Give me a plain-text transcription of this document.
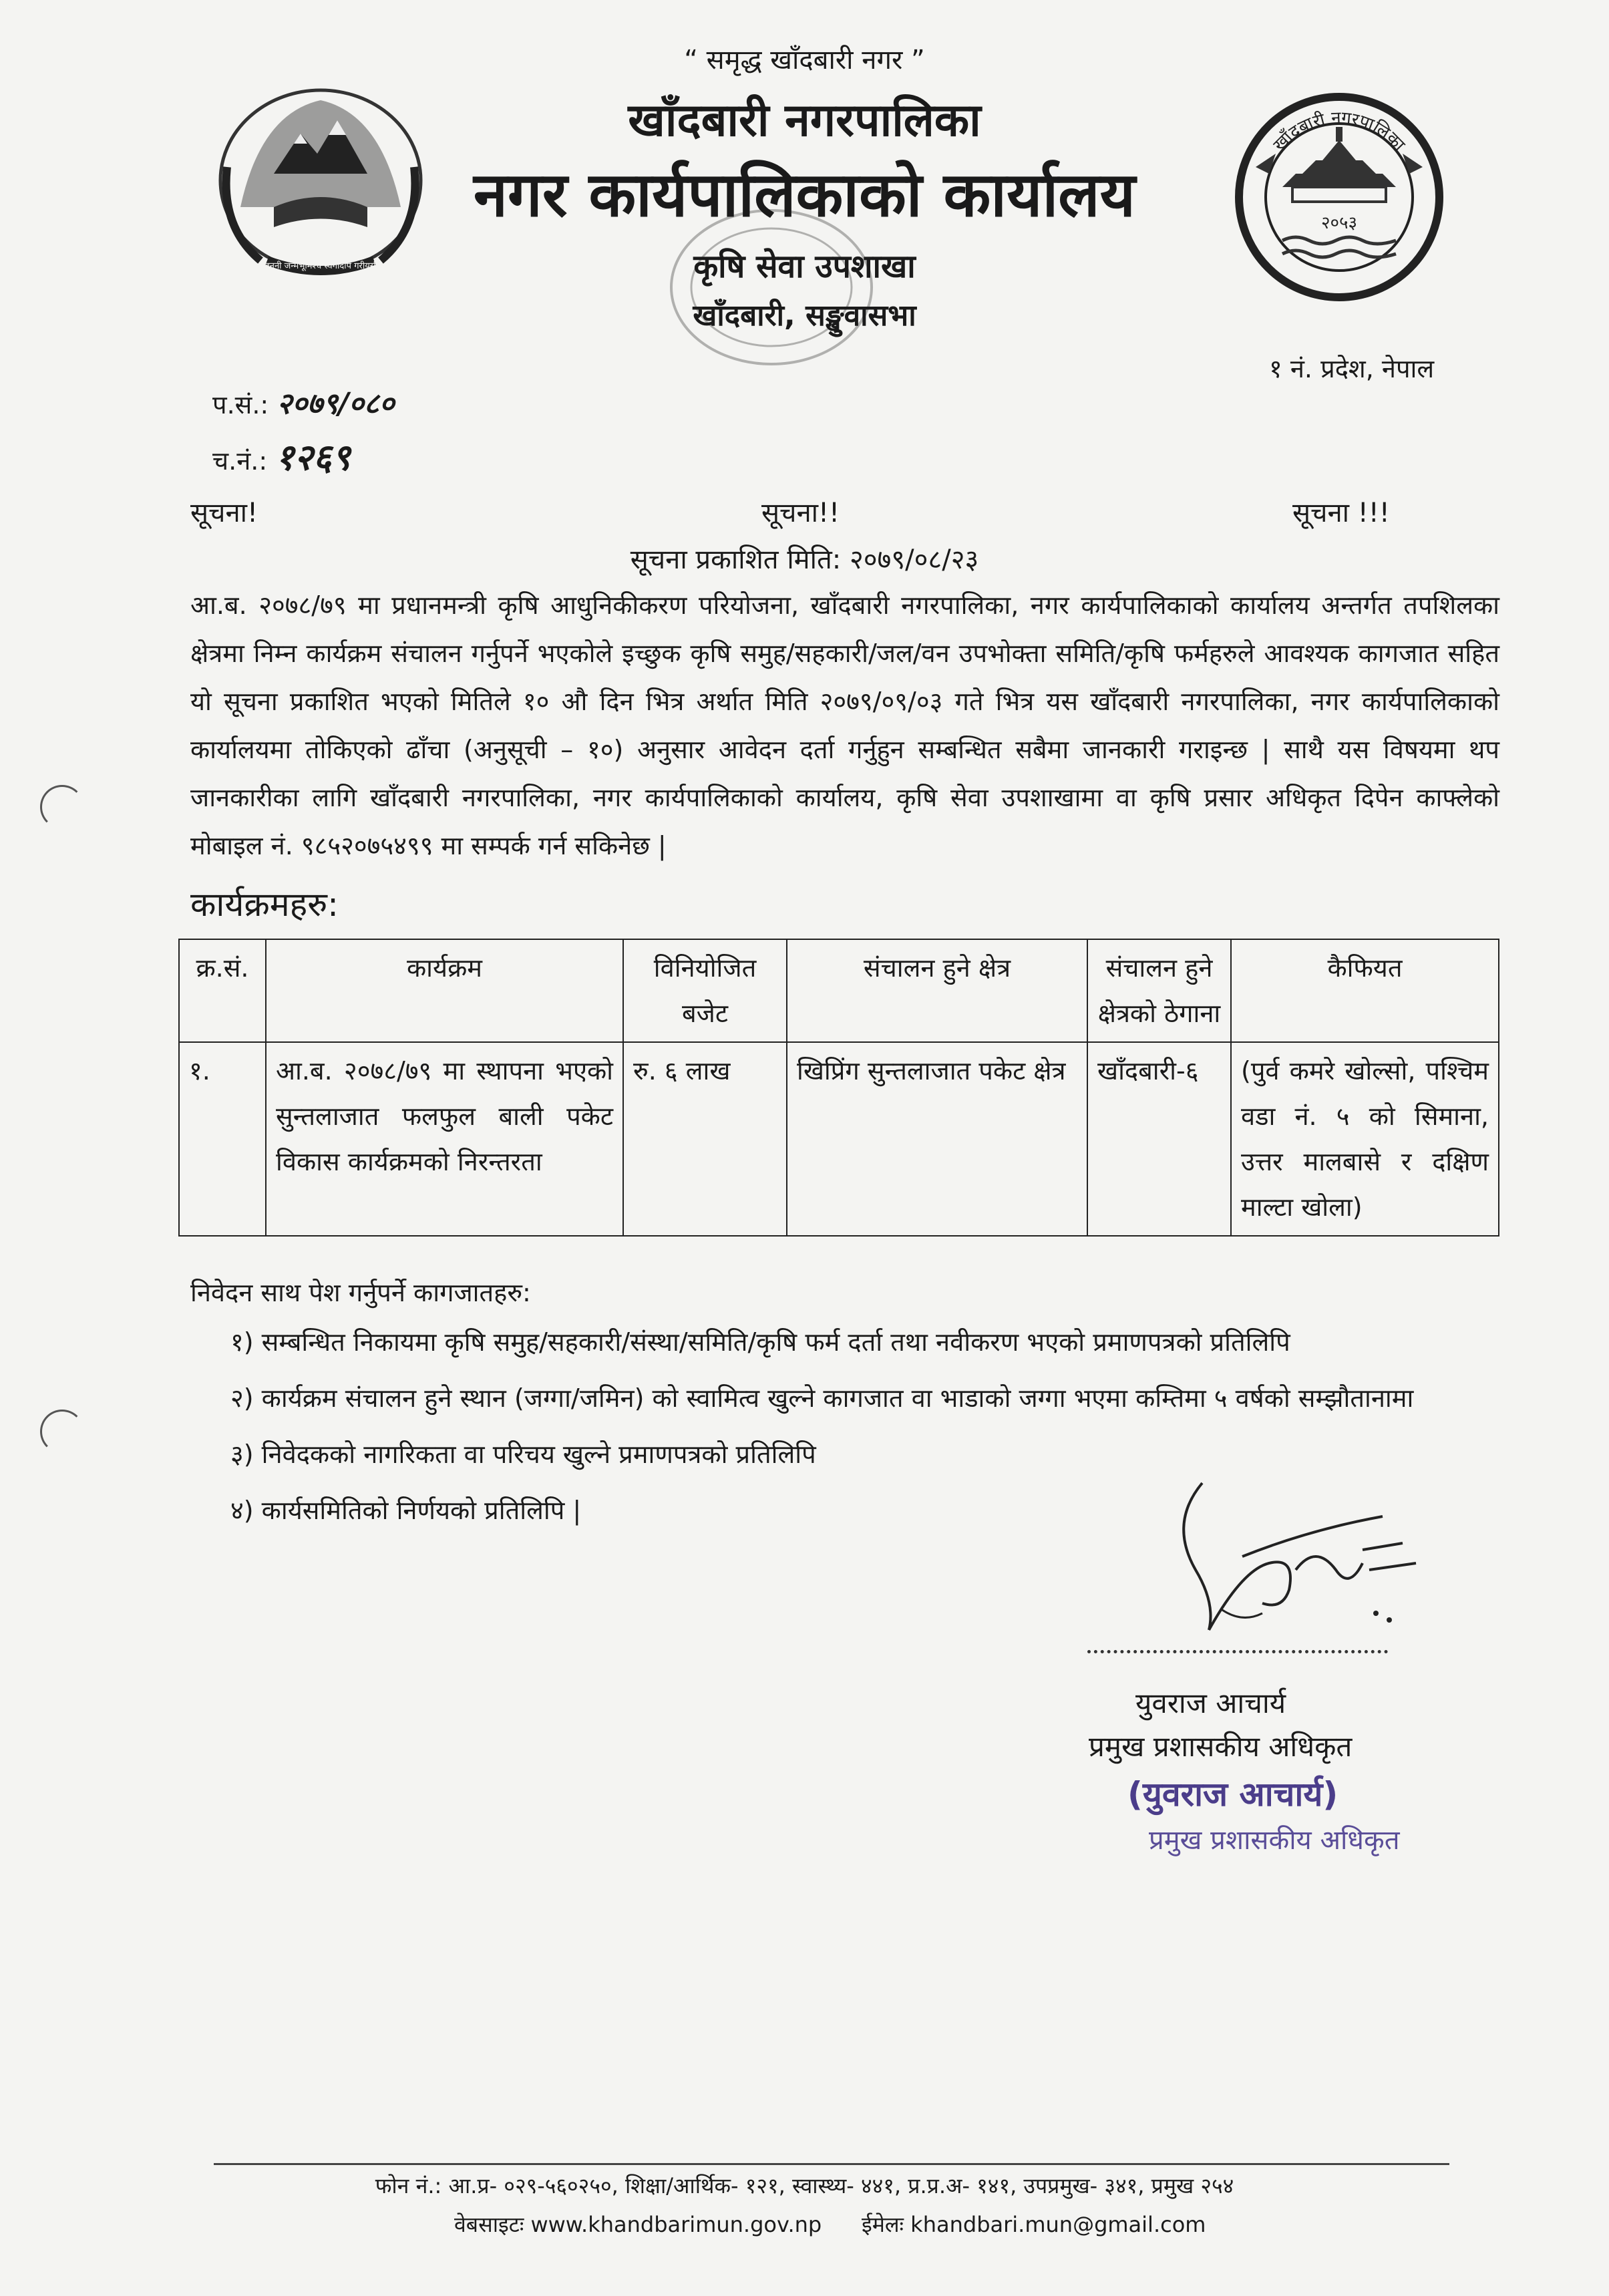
जननी जन्मभूमिश्च स्वर्गादपि गरीयसी
खाँदबारी नगरपालिका
२०५३
“ समृद्ध खाँदबारी नगर ”
खाँदबारी नगरपालिका
नगर कार्यपालिकाको कार्यालय
कृषि सेवा उपशाखा
खाँदबारी, सङ्खुवासभा
१ नं. प्रदेश, नेपाल
प.सं.: २०७९/०८०
च.नं.: १२६९
सूचना!	सूचना!!	सूचना !!!
सूचना प्रकाशित मिति: २०७९/०८/२३

आ.ब. २०७८/७९ मा प्रधानमन्त्री कृषि आधुनिकीकरण परियोजना, खाँदबारी नगरपालिका, नगर कार्यपालिकाको कार्यालय अन्तर्गत तपशिलका क्षेत्रमा निम्न कार्यक्रम संचालन गर्नुपर्ने भएकोले इच्छुक कृषि समुह/सहकारी/जल/वन उपभोक्ता समिति/कृषि फर्महरुले आवश्यक कागजात सहित यो सूचना प्रकाशित भएको मितिले १० औ दिन भित्र अर्थात मिति २०७९/०९/०३ गते भित्र यस खाँदबारी नगरपालिका, नगर कार्यपालिकाको कार्यालयमा तोकिएको ढाँचा (अनुसूची – १०) अनुसार आवेदन दर्ता गर्नुहुन सम्बन्धित सबैमा जानकारी गराइन्छ | साथै यस विषयमा थप जानकारीका लागि खाँदबारी नगरपालिका, नगर कार्यपालिकाको कार्यालय, कृषि सेवा उपशाखामा वा कृषि प्रसार अधिकृत दिपेन काफ्लेको मोबाइल नं. ९८५२०७५४९९ मा सम्पर्क गर्न सकिनेछ |

कार्यक्रमहरु:
क्र.सं.	कार्यक्रम	विनियोजित बजेट	संचालन हुने क्षेत्र	संचालन हुने क्षेत्रको ठेगाना	कैफियत
१.	आ.ब. २०७८/७९ मा स्थापना भएको सुन्तलाजात फलफुल बाली पकेट विकास कार्यक्रमको निरन्तरता	रु. ६ लाख	खिप्रिंग सुन्तलाजात पकेट क्षेत्र	खाँदबारी-६	(पुर्व कमरे खोल्सो, पश्चिम वडा नं. ५ को सिमाना, उत्तर मालबासे र दक्षिण माल्टा खोला)
निवेदन साथ पेश गर्नुपर्ने कागजातहरु:
१) सम्बन्धित निकायमा कृषि समुह/सहकारी/संस्था/समिति/कृषि फर्म दर्ता तथा नवीकरण भएको प्रमाणपत्रको प्रतिलिपि
२) कार्यक्रम संचालन हुने स्थान (जग्गा/जमिन) को स्वामित्व खुल्ने कागजात वा भाडाको जग्गा भएमा कम्तिमा ५ वर्षको सम्झौतानामा
३) निवेदकको नागरिकता वा परिचय खुल्ने प्रमाणपत्रको प्रतिलिपि
४) कार्यसमितिको निर्णयको प्रतिलिपि |
युवराज आचार्य
प्रमुख प्रशासकीय अधिकृत
(युवराज आचार्य)
प्रमुख प्रशासकीय अधिकृत
फोन नं.: आ.प्र- ०२९-५६०२५०, शिक्षा/आर्थिक- १२१, स्वास्थ्य- ४४१, प्र.प्र.अ- १४१, उपप्रमुख- ३४१, प्रमुख २५४
वेबसाइटः www.khandbarimun.gov.np ईमेलः khandbari.mun@gmail.com
